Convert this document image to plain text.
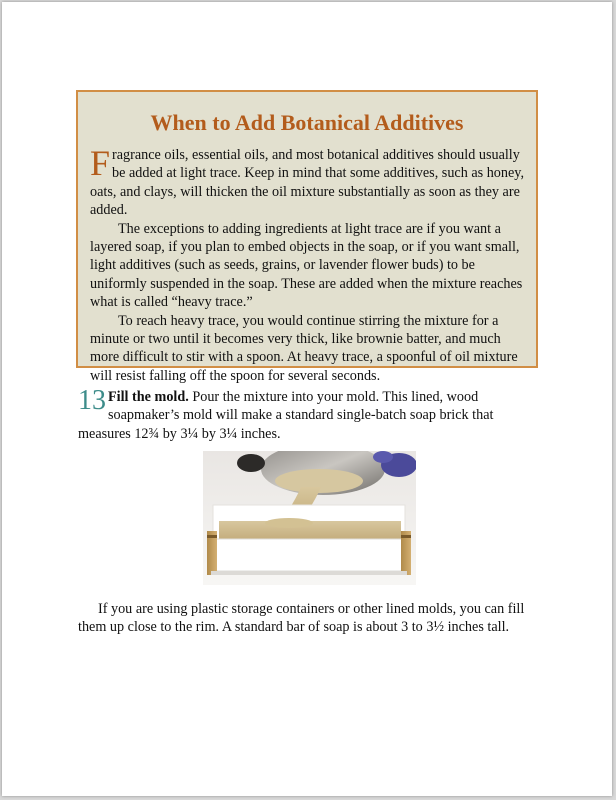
When to Add Botanical Additives

Fragrance oils, essential oils, and most botanical additives should usually be added at light trace. Keep in mind that some additives, such as honey, oats, and clays, will thicken the oil mixture substantially as soon as they are added.

The exceptions to adding ingredients at light trace are if you want a layered soap, if you plan to embed objects in the soap, or if you want small, light additives (such as seeds, grains, or lavender flower buds) to be uniformly suspended in the soap. These are added when the mixture reaches what is called “heavy trace.”

To reach heavy trace, you would continue stirring the mixture for a minute or two until it becomes very thick, like brownie batter, and much more difficult to stir with a spoon. At heavy trace, a spoonful of oil mixture will resist falling off the spoon for several seconds.

13 Fill the mold. Pour the mixture into your mold. This lined, wood soapmaker’s mold will make a standard single-batch soap brick that measures 12¾ by 3¼ by 3¼ inches.

If you are using plastic storage containers or other lined molds, you can fill them up close to the rim. A standard bar of soap is about 3 to 3½ inches tall.
